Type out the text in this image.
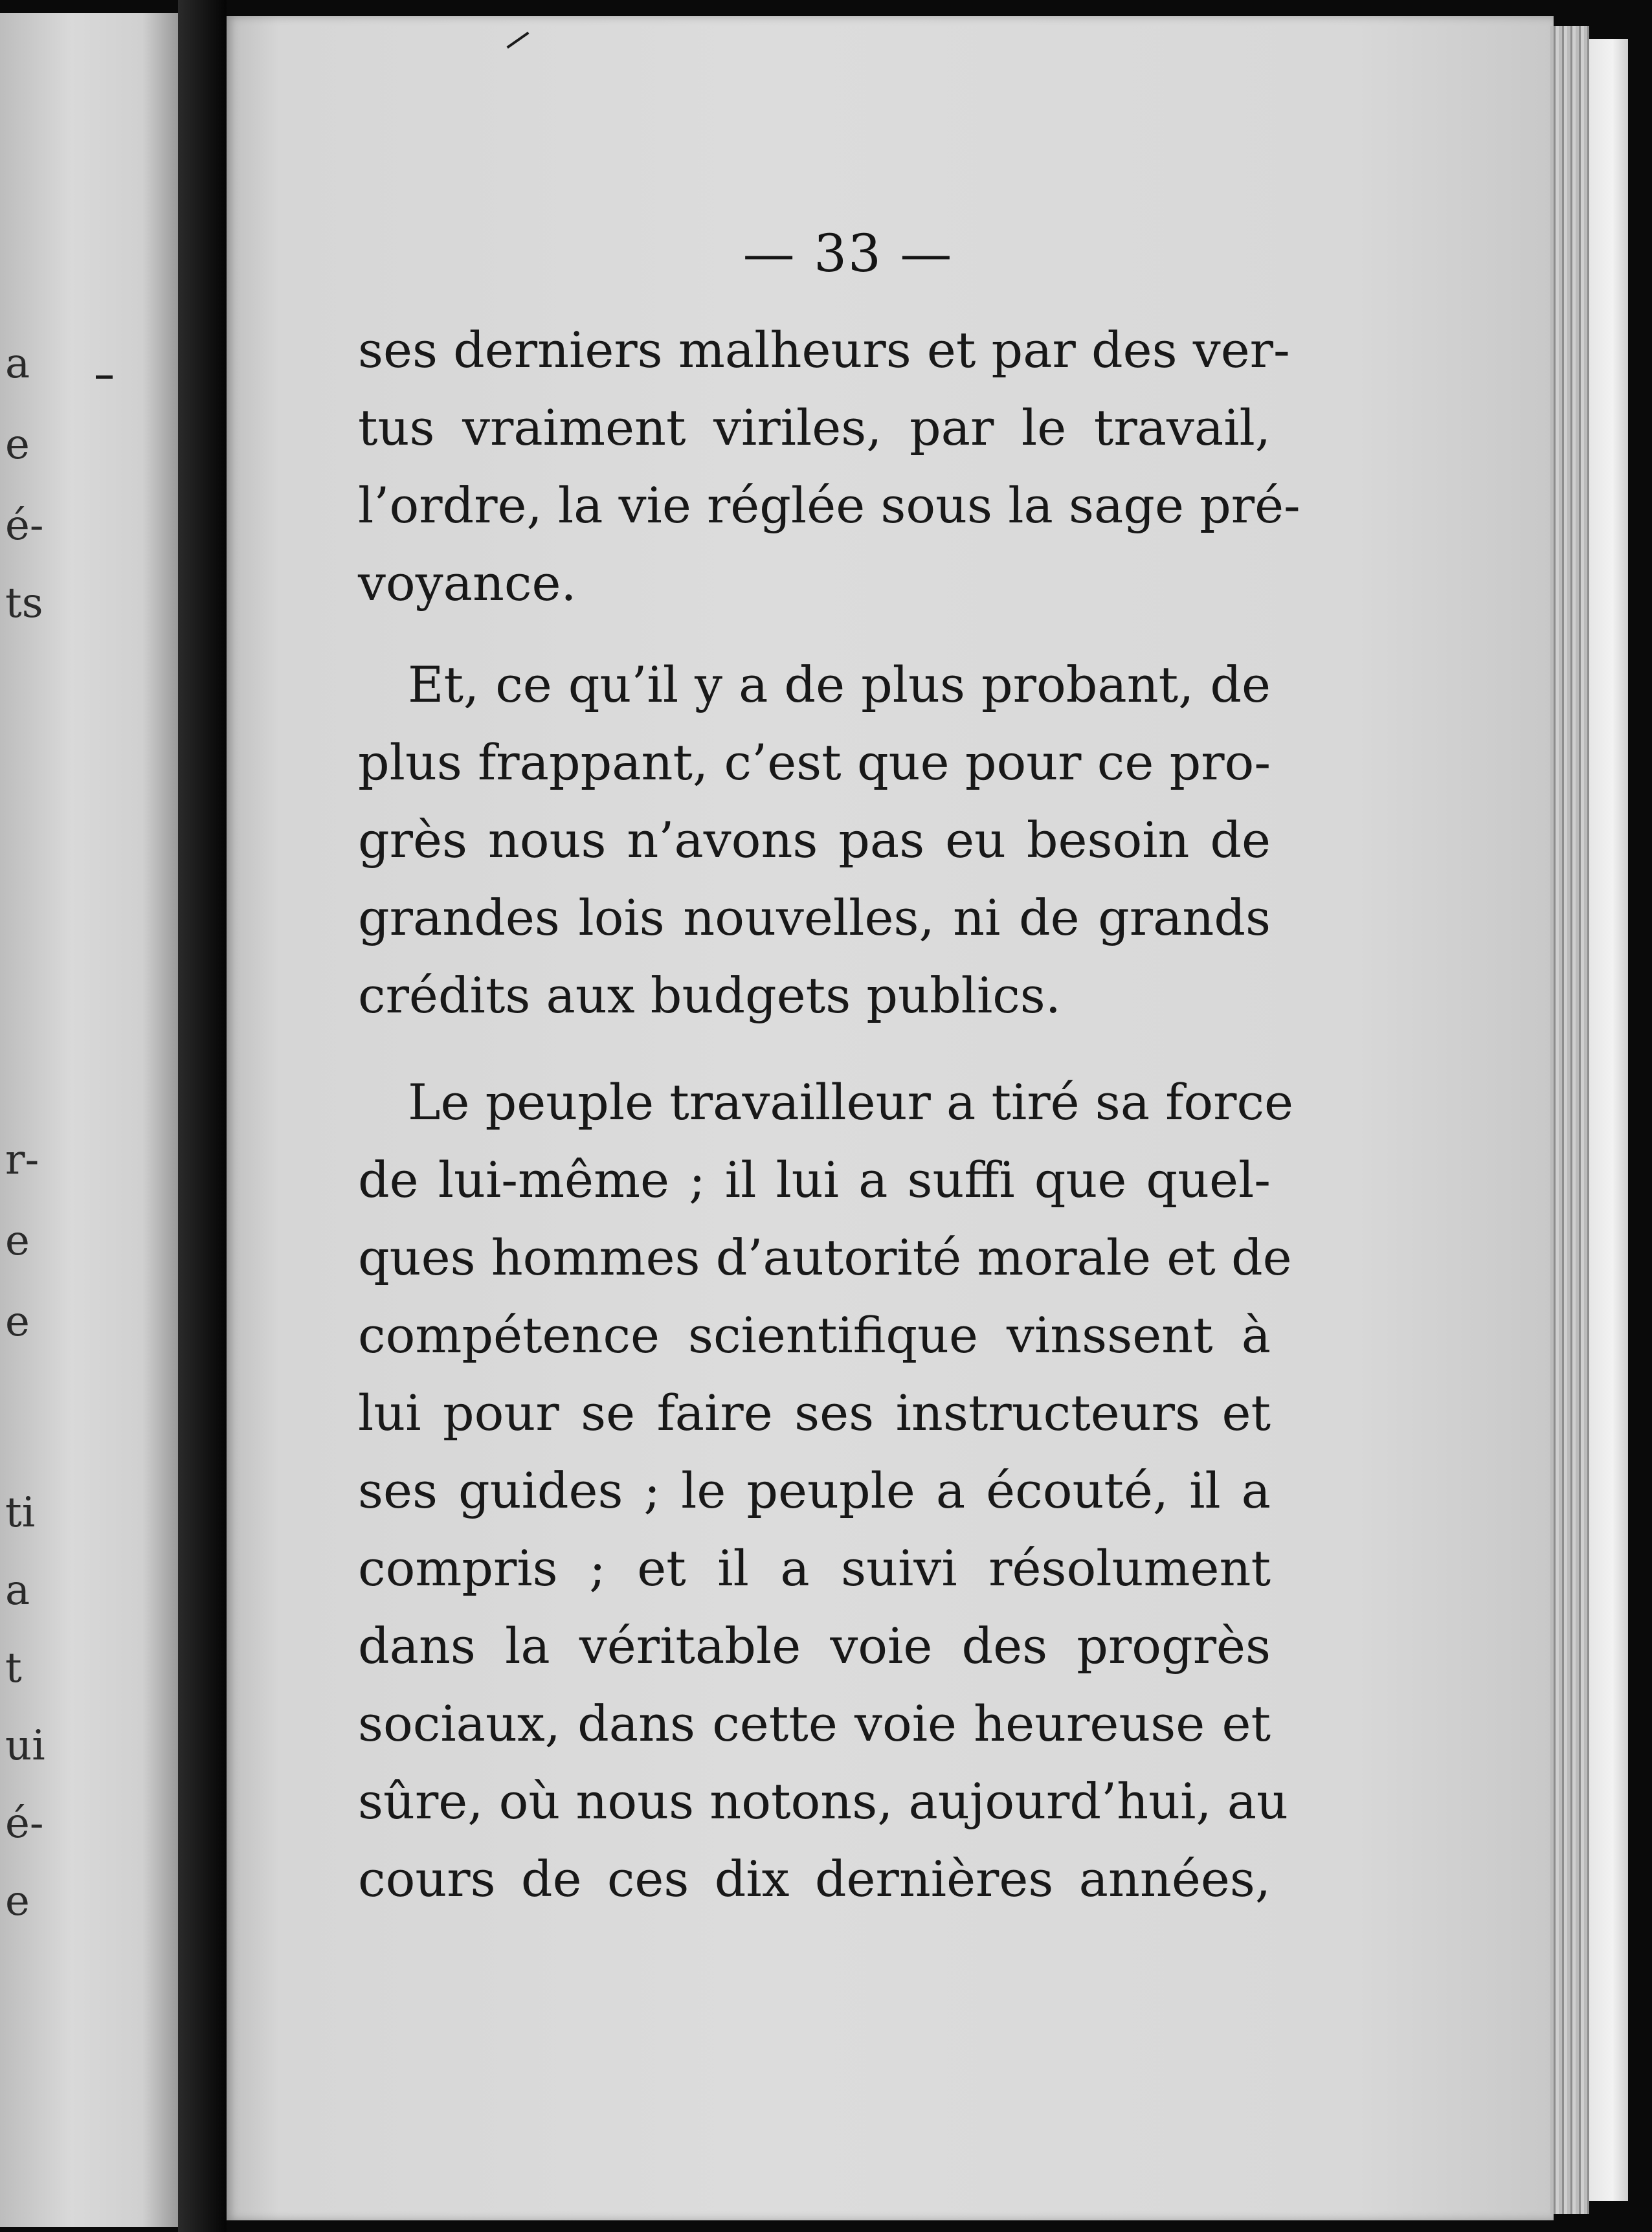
a
e
é-
ts
r-
e
e
ti
a
t
ui
é-
e
— 33 —
ses derniers malheurs et par des ver-
tus vraiment viriles, par le travail,
l’ordre, la vie réglée sous la sage pré-
voyance.
Et, ce qu’il y a de plus probant, de
plus frappant, c’est que pour ce pro-
grès nous n’avons pas eu besoin de
grandes lois nouvelles, ni de grands
crédits aux budgets publics.
Le peuple travailleur a tiré sa force
de lui-même ; il lui a suffi que quel-
ques hommes d’autorité morale et de
compétence scientifique vinssent à
lui pour se faire ses instructeurs et
ses guides ; le peuple a écouté, il a
compris ; et il a suivi résolument
dans la véritable voie des progrès
sociaux, dans cette voie heureuse et
sûre, où nous notons, aujourd’hui, au
cours de ces dix dernières années,
